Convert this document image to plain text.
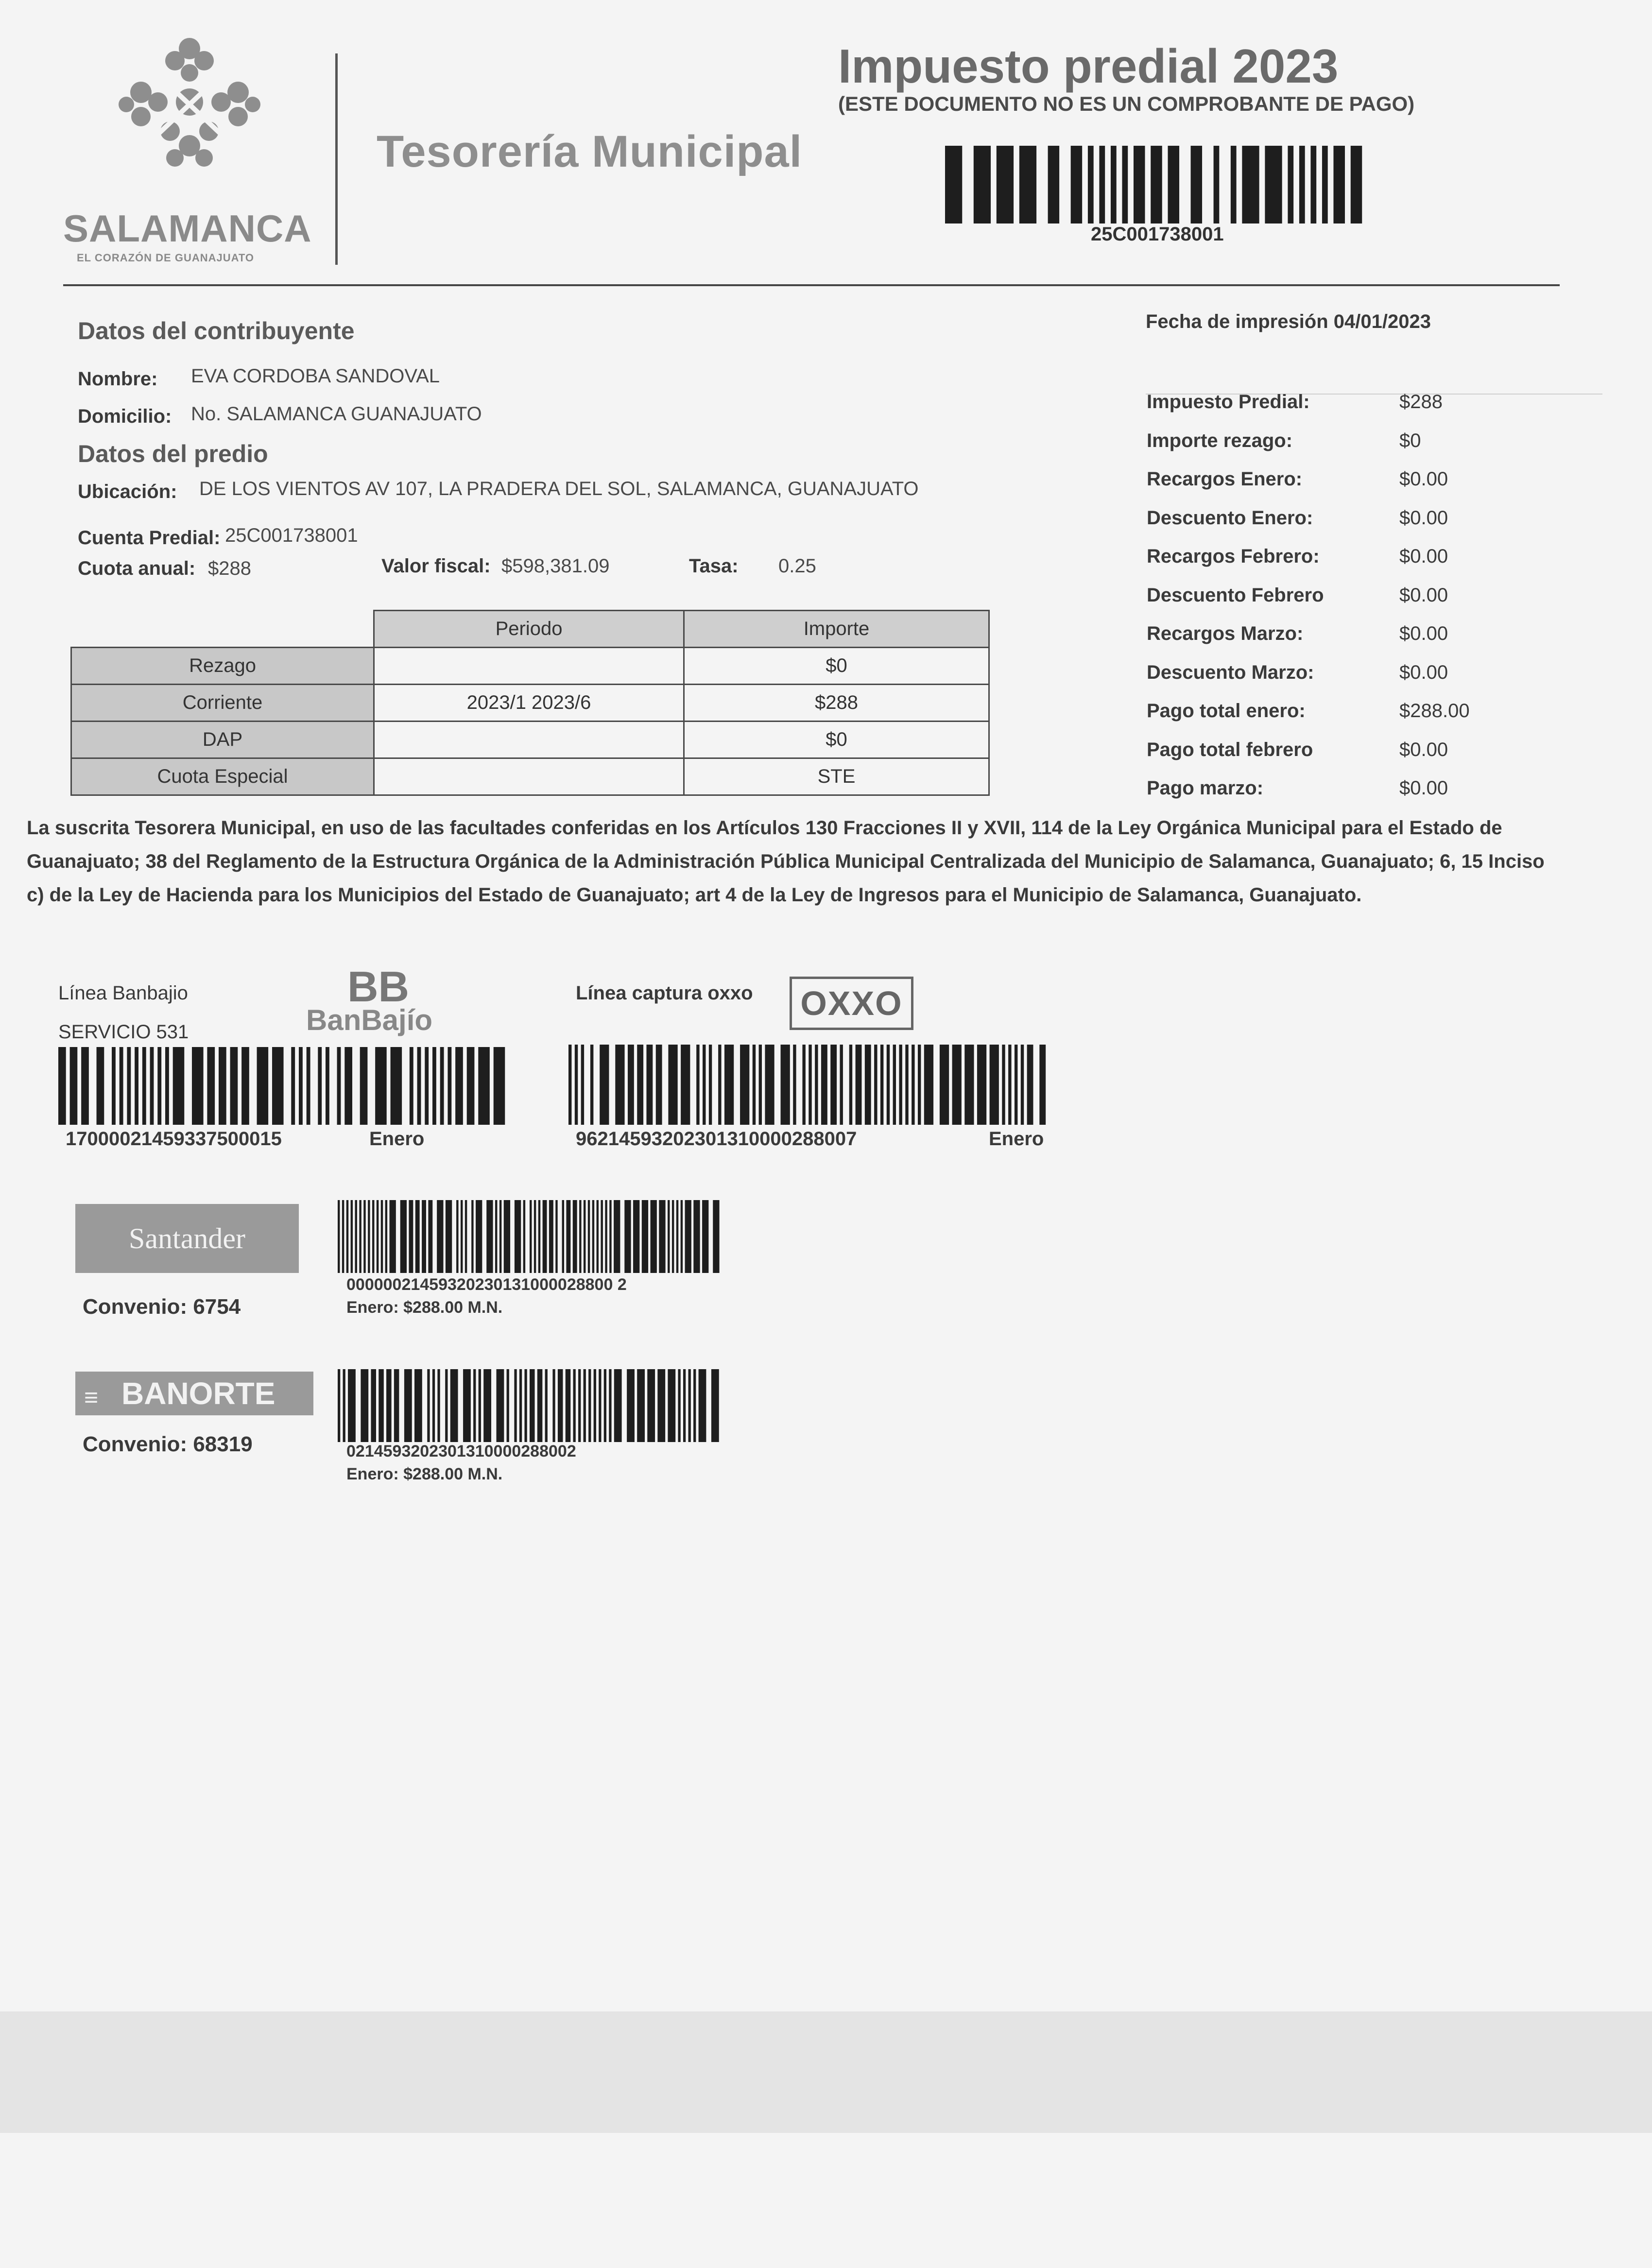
SALAMANCA
EL CORAZÓN DE GUANAJUATO
Tesorería Municipal
Impuesto predial 2023
(ESTE DOCUMENTO NO ES UN COMPROBANTE DE PAGO)
25C001738001
Datos del contribuyente
Nombre: EVA CORDOBA SANDOVAL
Domicilio: No. SALAMANCA GUANAJUATO
Datos del predio
Ubicación: DE LOS VIENTOS AV 107, LA PRADERA DEL SOL, SALAMANCA, GUANAJUATO
Cuenta Predial: 25C001738001
Cuota anual: $288	Valor fiscal: $598,381.09	Tasa: 0.25
Fecha de impresión 04/01/2023
Impuesto Predial:	$288
Importe rezago:	$0
Recargos Enero:	$0.00
Descuento Enero:	$0.00
Recargos Febrero:	$0.00
Descuento Febrero	$0.00
Recargos Marzo:	$0.00
Descuento Marzo:	$0.00
Pago total enero:	$288.00
Pago total febrero	$0.00
Pago marzo:	$0.00
	Periodo	Importe
Rezago		$0
Corriente	2023/1 2023/6	$288
DAP		$0
Cuota Especial		STE
La suscrita Tesorera Municipal, en uso de las facultades conferidas en los Artículos 130 Fracciones II y XVII, 114 de la Ley Orgánica Municipal para el Estado de Guanajuato; 38 del Reglamento de la Estructura Orgánica de la Administración Pública Municipal Centralizada del Municipio de Salamanca, Guanajuato; 6, 15 Inciso c) de la Ley de Hacienda para los Municipios del Estado de Guanajuato; art 4 de la Ley de Ingresos para el Municipio de Salamanca, Guanajuato.
Línea Banbajio
SERVICIO 531
BB
BanBajío
17000021459337500015	Enero
Línea captura oxxo OXXO
96214593202301310000288007	Enero
Santander
Convenio: 6754
00000021459320230131000028800 2
Enero: $288.00 M.N.
≡ BANORTE
Convenio: 68319	0214593202301310000288002
Enero: $288.00 M.N.
